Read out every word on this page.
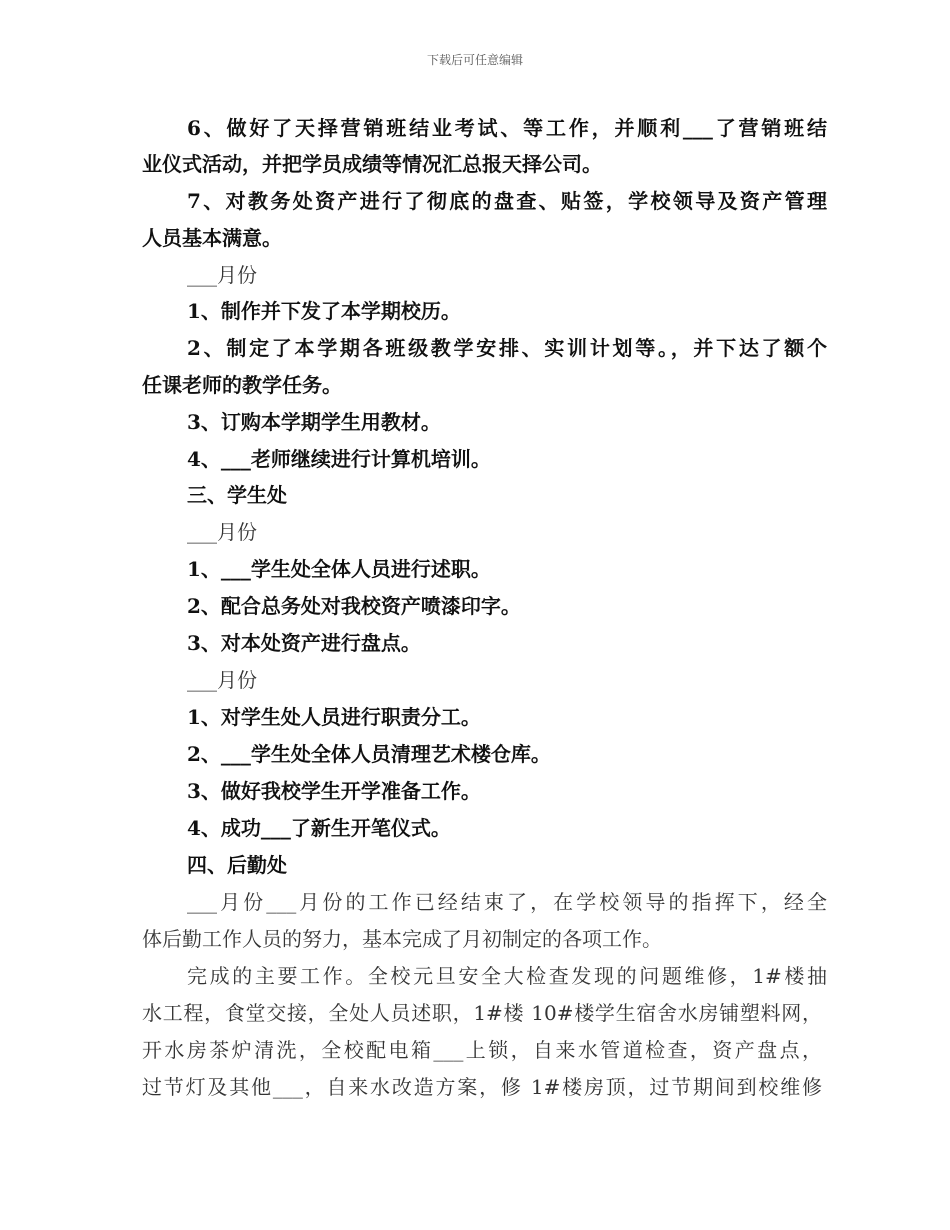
下载后可任意编辑
6、做好了天择营销班结业考试、等工作，并顺利___了营销班结
业仪式活动，并把学员成绩等情况汇总报天择公司。
7、对教务处资产进行了彻底的盘查、贴签，学校领导及资产管理
人员基本满意。
___月份
1、制作并下发了本学期校历。
2、制定了本学期各班级教学安排、实训计划等。，并下达了额个
任课老师的教学任务。
3、订购本学期学生用教材。
4、___老师继续进行计算机培训。
三、学生处
___月份
1、___学生处全体人员进行述职。
2、配合总务处对我校资产喷漆印字。
3、对本处资产进行盘点。
___月份
1、对学生处人员进行职责分工。
2、___学生处全体人员清理艺术楼仓库。
3、做好我校学生开学准备工作。
4、成功___了新生开笔仪式。
四、后勤处
___月份___月份的工作已经结束了，在学校领导的指挥下，经全
体后勤工作人员的努力，基本完成了月初制定的各项工作。
完成的主要工作。全校元旦安全大检查发现的问题维修，1#楼抽
水工程，食堂交接，全处人员述职，1#楼 10#楼学生宿舍水房铺塑料网，
开水房茶炉清洗，全校配电箱___上锁，自来水管道检查，资产盘点，
过节灯及其他___，自来水改造方案，修 1#楼房顶，过节期间到校维修
